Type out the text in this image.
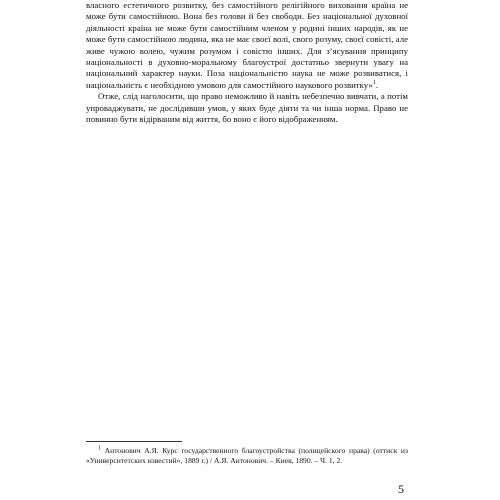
власного естетичного розвитку, без самостійного релігійного виховання країна не може бути самостійною. Вона без голови й без свободи. Без національної духовної діяльності країна не може бути самостійним членом у родині інших народів, як не може бути самостійною людина, яка не має своєї волі, свого розуму, своєї совісті, але живе чужою волею, чужим розумом і совістю інших. Для з’ясування принципу національності в духовно-моральному благоустрої достатньо звернути увагу на національний характер науки. Поза національністю наука не може розвиватися, і національність є необхідною умовою для самостійного наукового розвитку»$^1$.

Отже, слід наголосити, що право неможливо й навіть небезпечно вивчати, а потім упроваджувати, не дослідивши умов, у яких буде діяти та чи інша норма. Право не повинно бути відірваним від життя, бо воно є його відображенням.

$^1$ Антонович А.Я. Курс государственного благоустройства (полицейского права) (оттиск из «Университетских известий», 1889 г.) / А.Я. Антонович. – Киев, 1890. – Ч. 1, 2.

5
